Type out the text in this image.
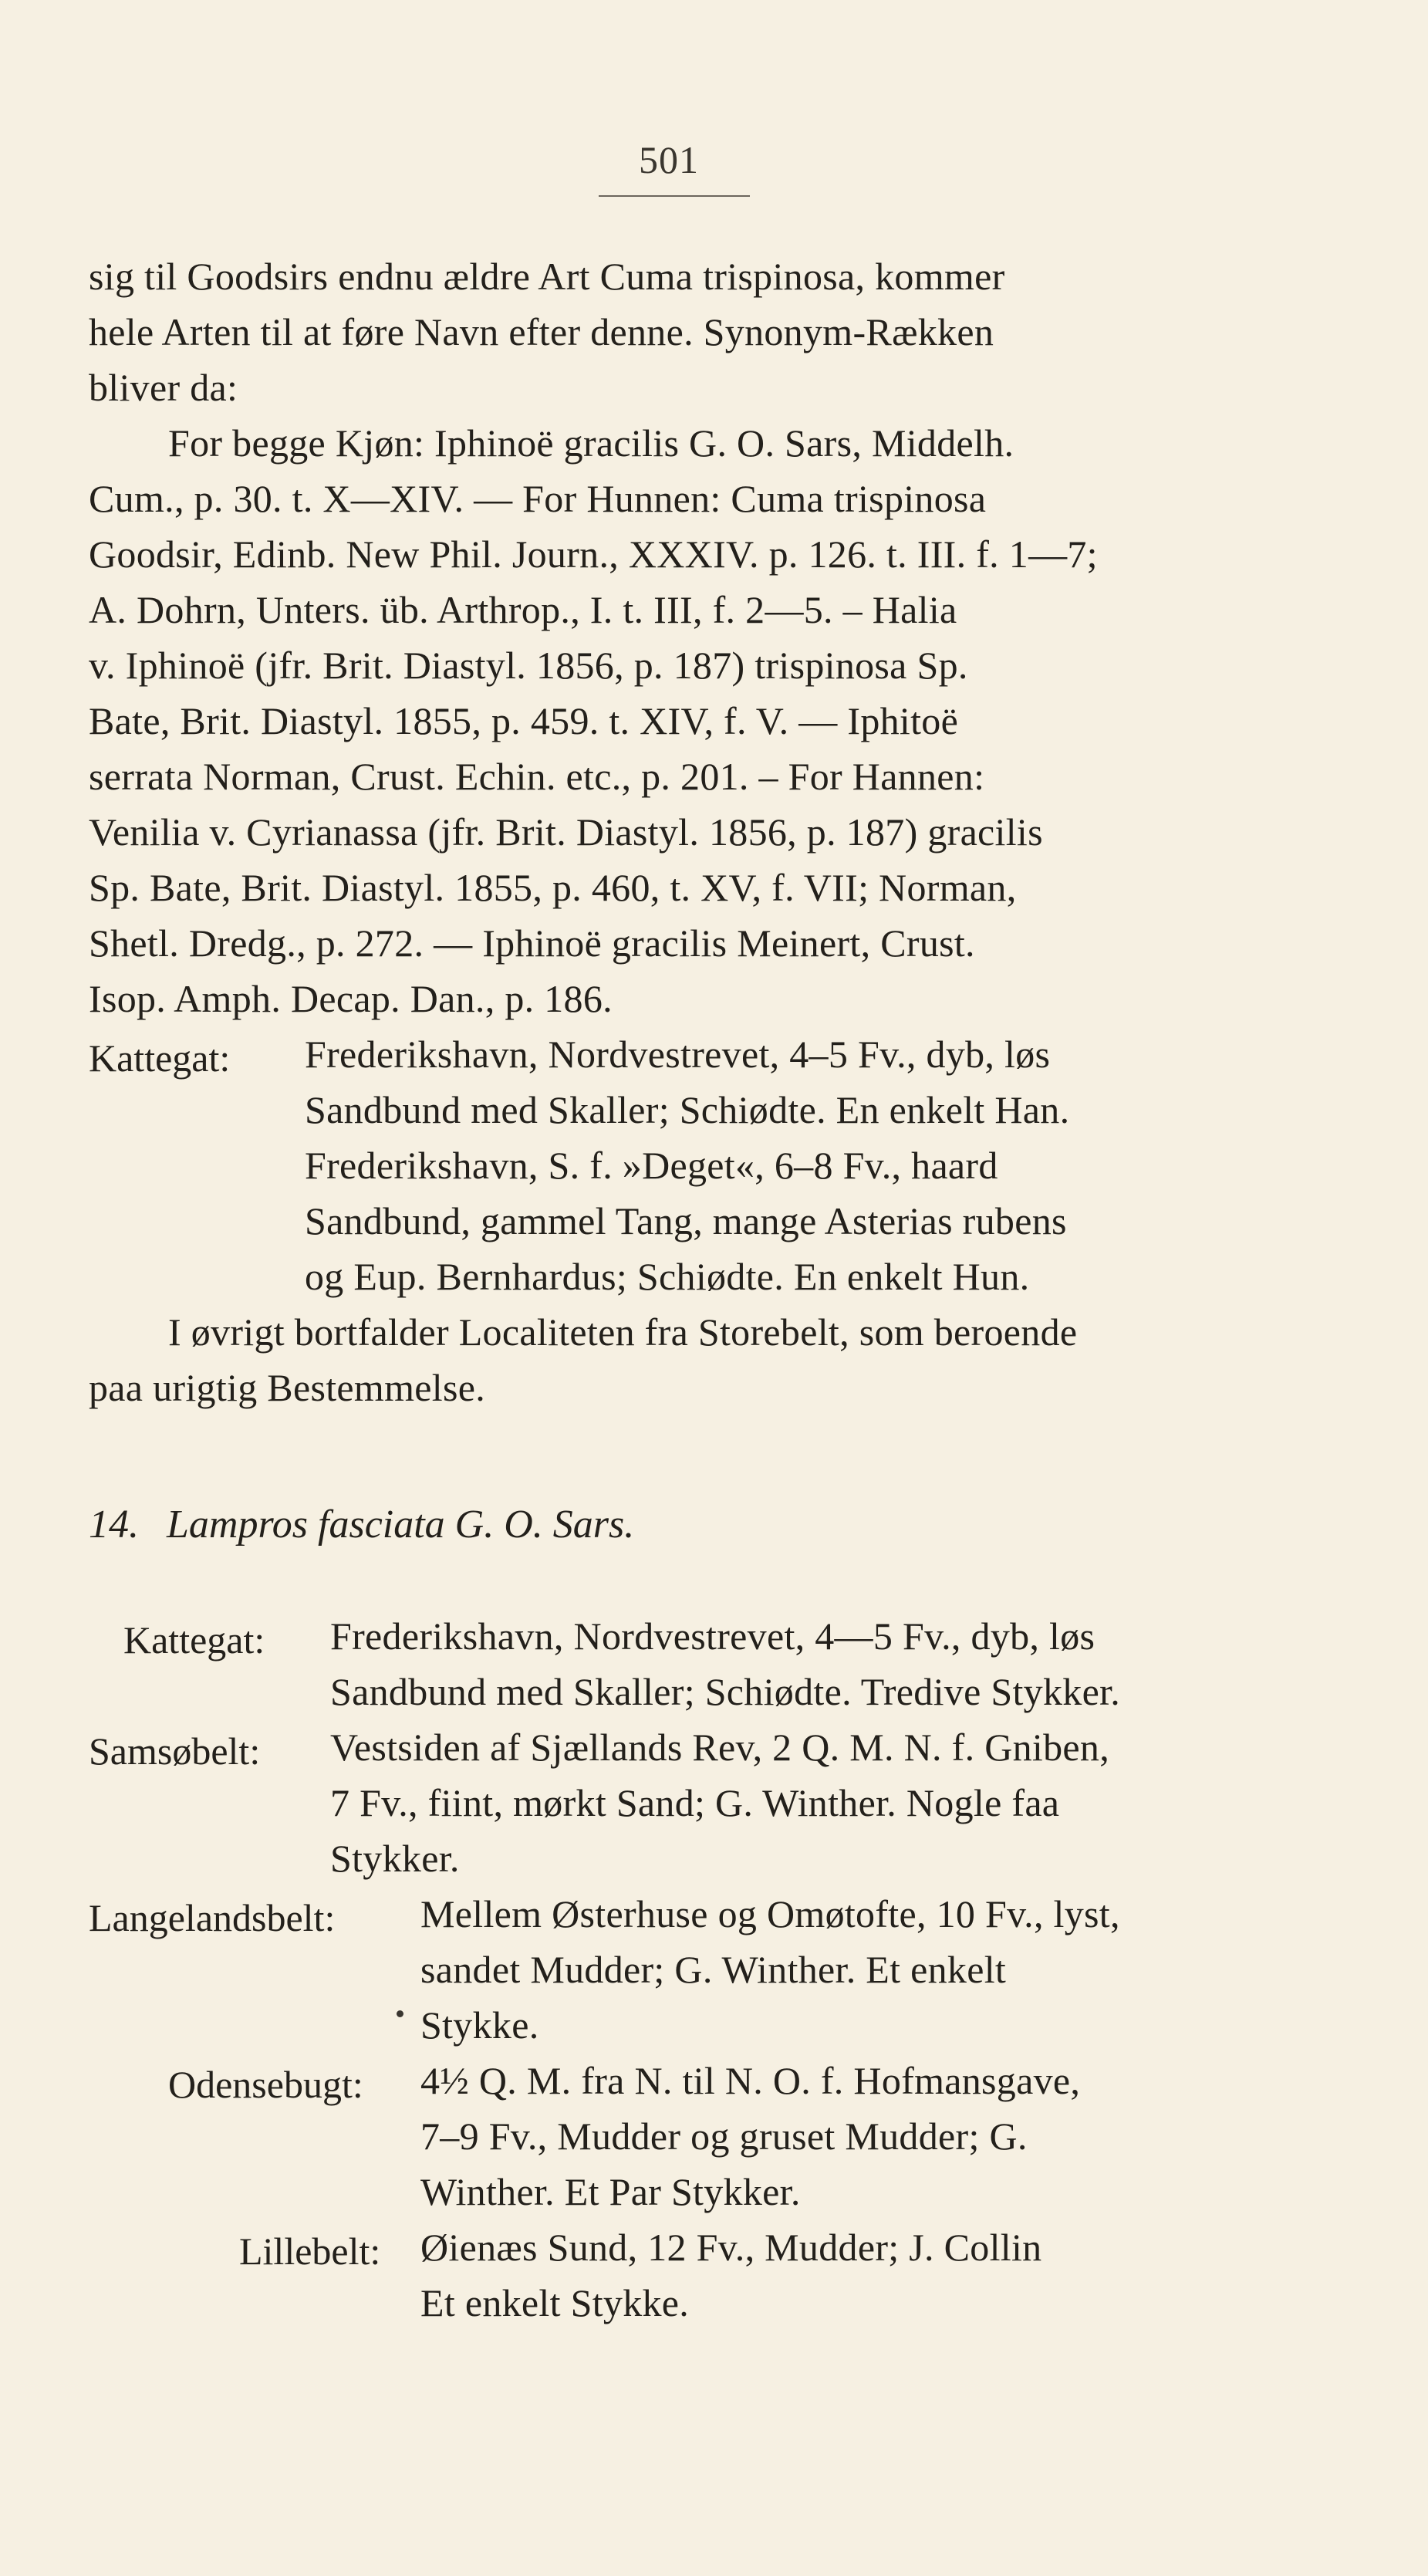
501
sig til Goodsirs endnu ældre Art Cuma trispinosa, kommer
hele Arten til at føre Navn efter denne. Synonym-Rækken
bliver da:
For begge Kjøn: Iphinoë gracilis G. O. Sars, Middelh.
Cum., p. 30. t. X—XIV. — For Hunnen: Cuma trispinosa
Goodsir, Edinb. New Phil. Journ., XXXIV. p. 126. t. III. f. 1—7;
A. Dohrn, Unters. üb. Arthrop., I. t. III, f. 2—5. – Halia
v. Iphinoë (jfr. Brit. Diastyl. 1856, p. 187) trispinosa Sp.
Bate, Brit. Diastyl. 1855, p. 459. t. XIV, f. V. — Iphitoë
serrata Norman, Crust. Echin. etc., p. 201. – For Hannen:
Venilia v. Cyrianassa (jfr. Brit. Diastyl. 1856, p. 187) gracilis
Sp. Bate, Brit. Diastyl. 1855, p. 460, t. XV, f. VII; Norman,
Shetl. Dredg., p. 272. — Iphinoë gracilis Meinert, Crust.
Isop. Amph. Decap. Dan., p. 186.
Kattegat: Frederikshavn, Nordvestrevet, 4–5 Fv., dyb, løs
Sandbund med Skaller; Schiødte. En enkelt Han.
Frederikshavn, S. f. »Deget«, 6–8 Fv., haard
Sandbund, gammel Tang, mange Asterias rubens
og Eup. Bernhardus; Schiødte. En enkelt Hun.
I øvrigt bortfalder Localiteten fra Storebelt, som beroende
paa urigtig Bestemmelse.
14. Lampros fasciata G. O. Sars.
Kattegat: Frederikshavn, Nordvestrevet, 4—5 Fv., dyb, løs
Sandbund med Skaller; Schiødte. Tredive Stykker.
Samsøbelt: Vestsiden af Sjællands Rev, 2 Q. M. N. f. Gniben,
7 Fv., fiint, mørkt Sand; G. Winther. Nogle faa
Stykker.
Langelandsbelt: Mellem Østerhuse og Omøtofte, 10 Fv., lyst,
sandet Mudder; G. Winther. Et enkelt
Stykke.
Odensebugt: 4½ Q. M. fra N. til N. O. f. Hofmansgave,
7–9 Fv., Mudder og gruset Mudder; G.
Winther. Et Par Stykker.
Lillebelt: Øienæs Sund, 12 Fv., Mudder; J. Collin
Et enkelt Stykke.
